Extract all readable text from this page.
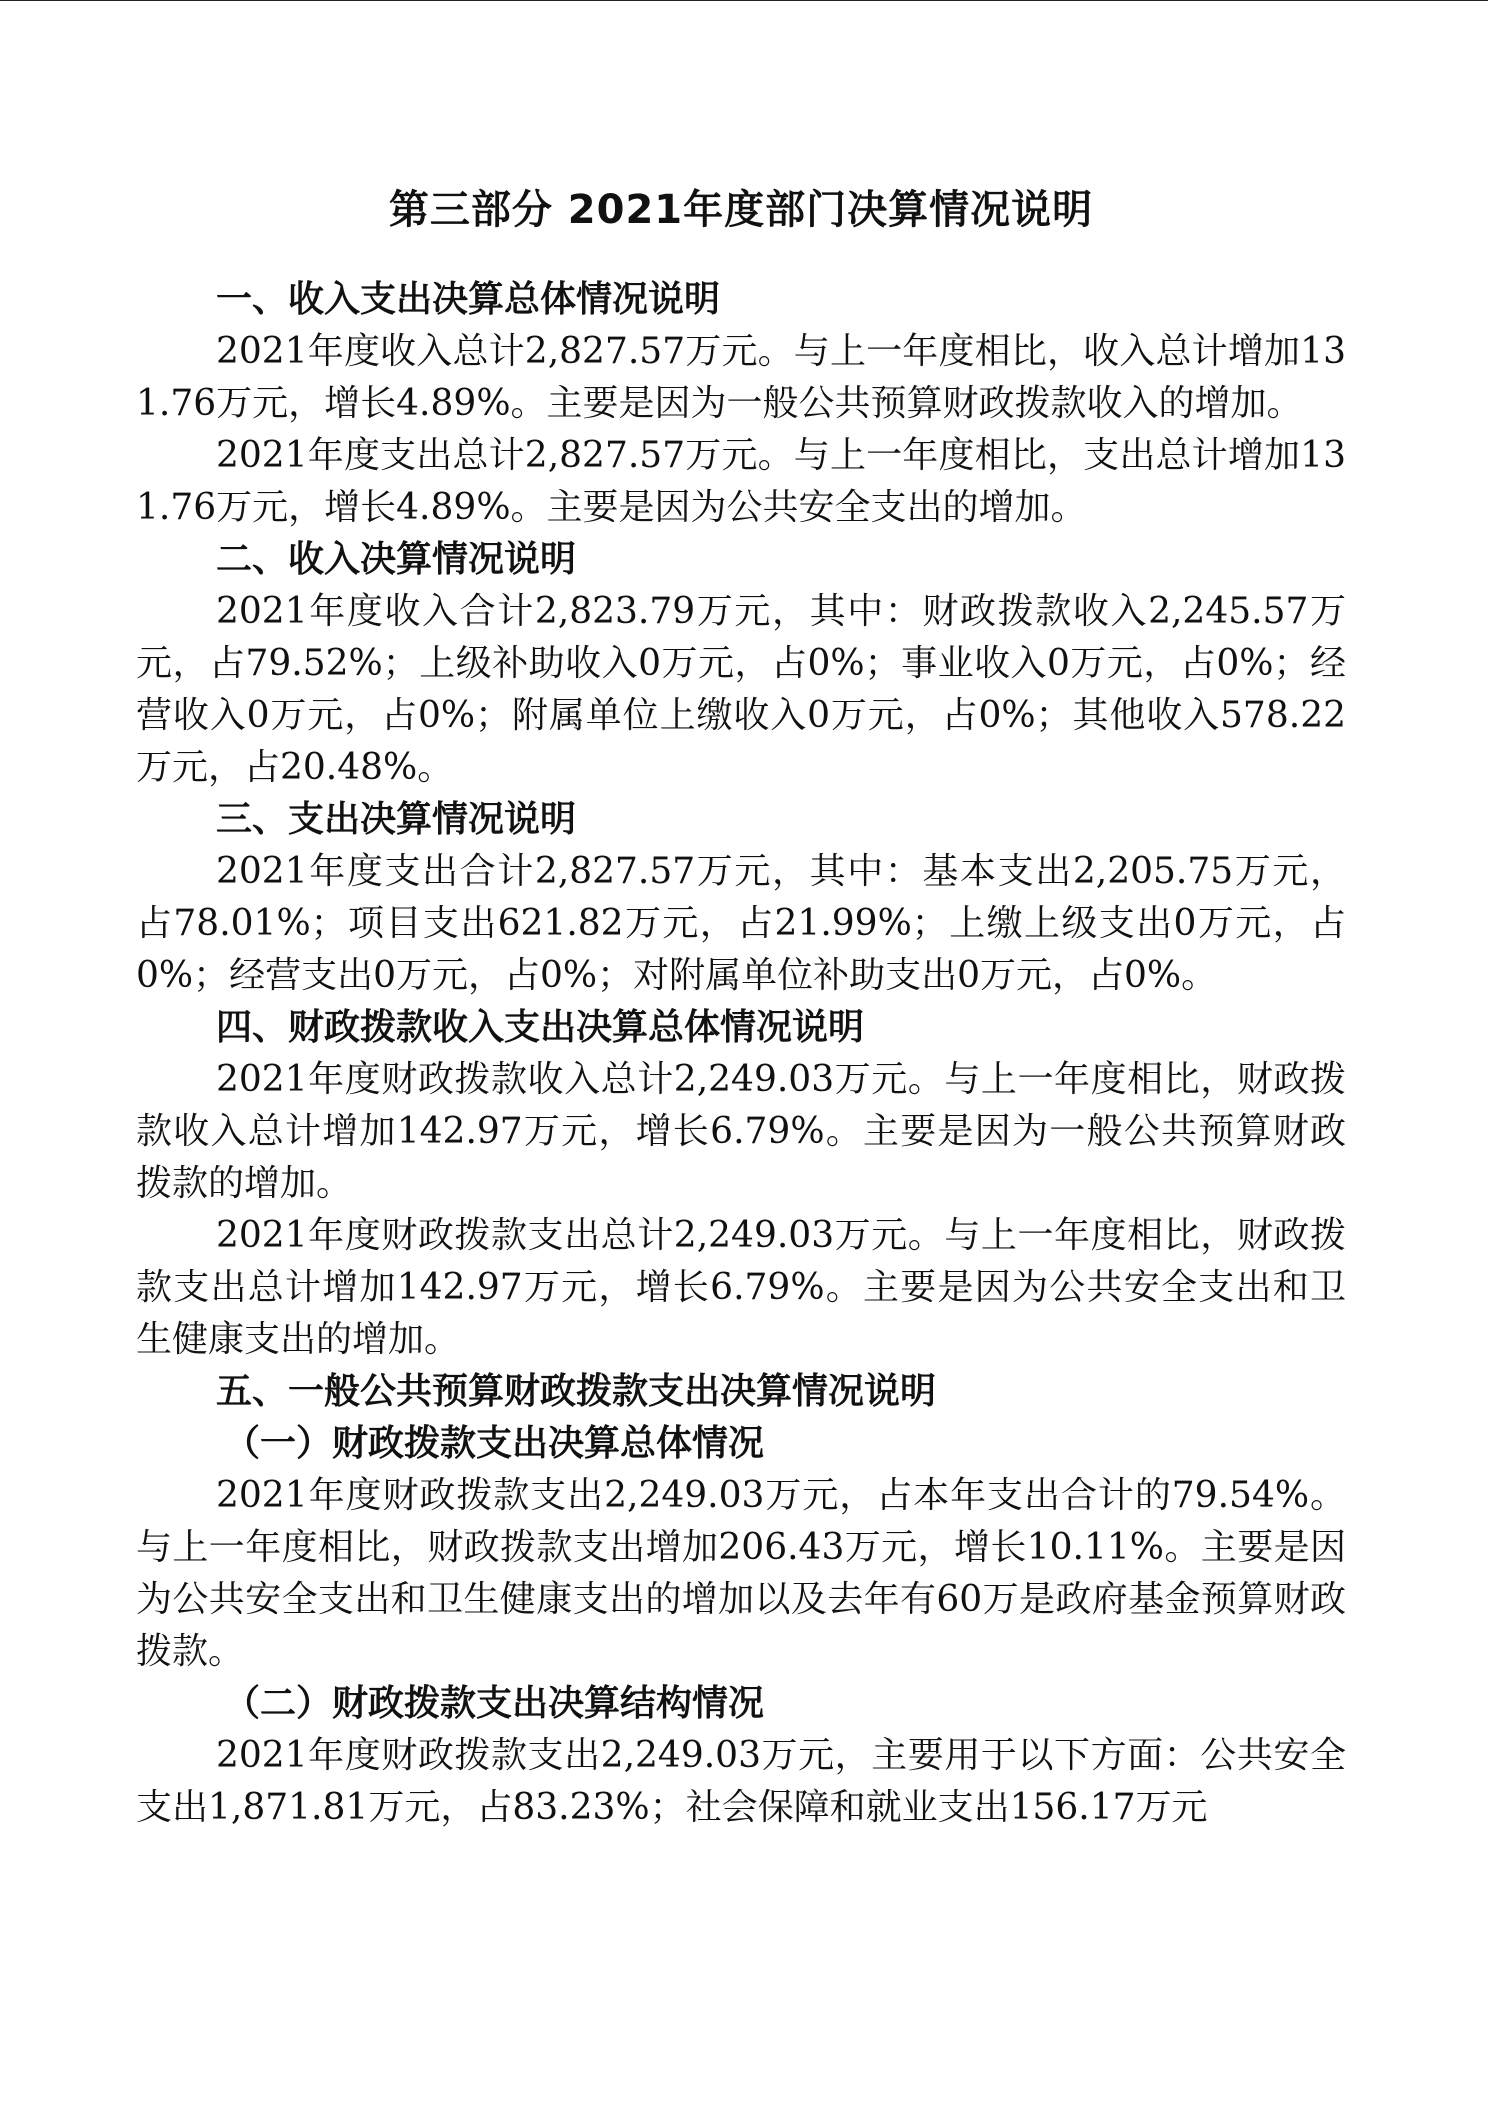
第三部分 2021年度部门决算情况说明
一、收入支出决算总体情况说明

2021年度收入总计2,827.57万元。与上一年度相比，收入总计增加131.76万元，增长4.89%。主要是因为一般公共预算财政拨款收入的增加。

2021年度支出总计2,827.57万元。与上一年度相比，支出总计增加131.76万元，增长4.89%。主要是因为公共安全支出的增加。

二、收入决算情况说明

2021年度收入合计2,823.79万元，其中：财政拨款收入2,245.57万元，占79.52%；上级补助收入0万元，占0%；事业收入0万元，占0%；经营收入0万元，占0%；附属单位上缴收入0万元，占0%；其他收入578.22万元，占20.48%。

三、支出决算情况说明

2021年度支出合计2,827.57万元，其中：基本支出2,205.75万元，占78.01%；项目支出621.82万元，占21.99%；上缴上级支出0万元，占0%；经营支出0万元，占0%；对附属单位补助支出0万元，占0%。

四、财政拨款收入支出决算总体情况说明

2021年度财政拨款收入总计2,249.03万元。与上一年度相比，财政拨款收入总计增加142.97万元，增长6.79%。主要是因为一般公共预算财政拨款的增加。

2021年度财政拨款支出总计2,249.03万元。与上一年度相比，财政拨款支出总计增加142.97万元，增长6.79%。主要是因为公共安全支出和卫生健康支出的增加。

五、一般公共预算财政拨款支出决算情况说明
（一）财政拨款支出决算总体情况

2021年度财政拨款支出2,249.03万元，占本年支出合计的79.54%。与上一年度相比，财政拨款支出增加206.43万元，增长10.11%。主要是因为公共安全支出和卫生健康支出的增加以及去年有60万是政府基金预算财政拨款。

（二）财政拨款支出决算结构情况

2021年度财政拨款支出2,249.03万元，主要用于以下方面：公共安全支出1,871.81万元，占83.23%；社会保障和就业支出156.17万元
